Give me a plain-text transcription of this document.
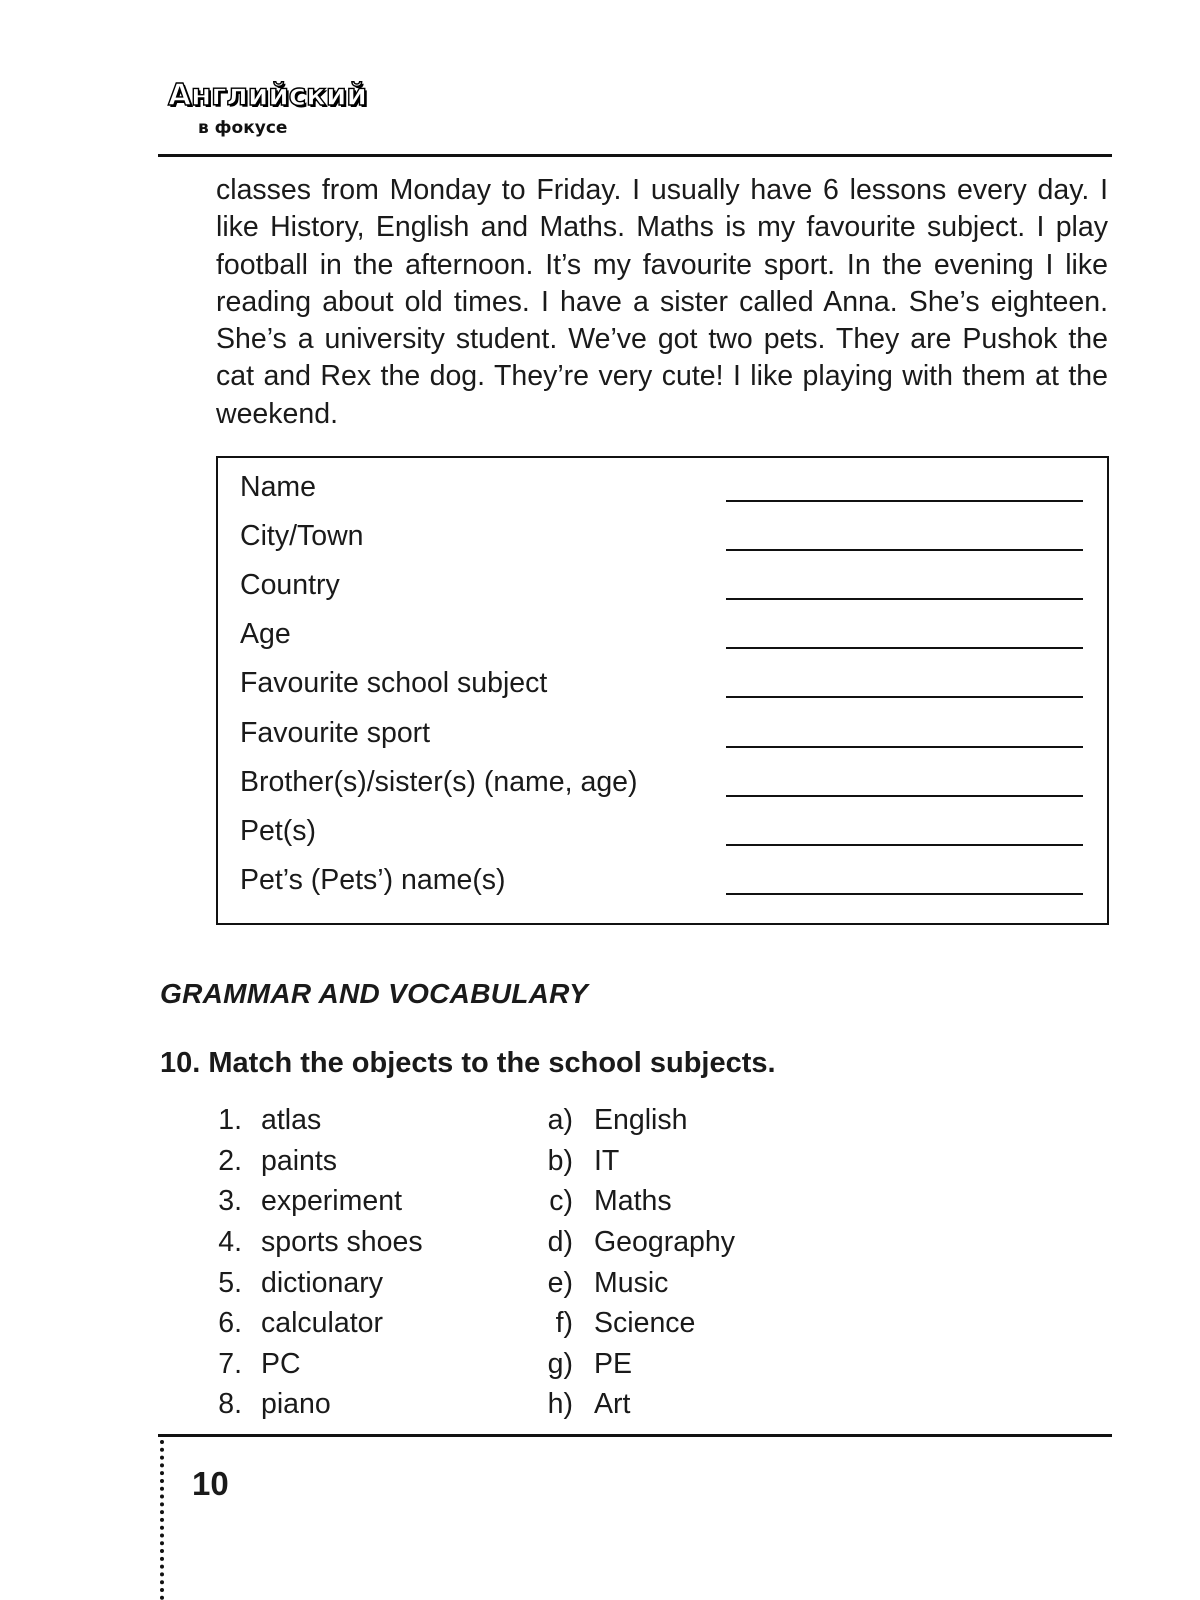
Английский
в фокусе

classes from Monday to Friday. I usually have 6 lessons every day. I like History, English and Maths. Maths is my favourite subject. I play football in the afternoon. It’s my favourite sport. In the evening I like reading about old times. I have a sister called Anna. She’s eighteen. She’s a university student. We’ve got two pets. They are Pushok the cat and Rex the dog. They’re very cute! I like playing with them at the weekend.

Name
City/Town
Country
Age
Favourite school subject
Favourite sport
Brother(s)/sister(s) (name, age)
Pet(s)
Pet’s (Pets’) name(s)
GRAMMAR AND VOCABULARY
10. Match the objects to the school subjects.
1. atlas	a) English
2. paints	b) IT
3. experiment	c) Maths
4. sports shoes	d) Geography
5. dictionary	e) Music
6. calculator	f) Science
7. PC	g) PE
8. piano	h) Art

10
